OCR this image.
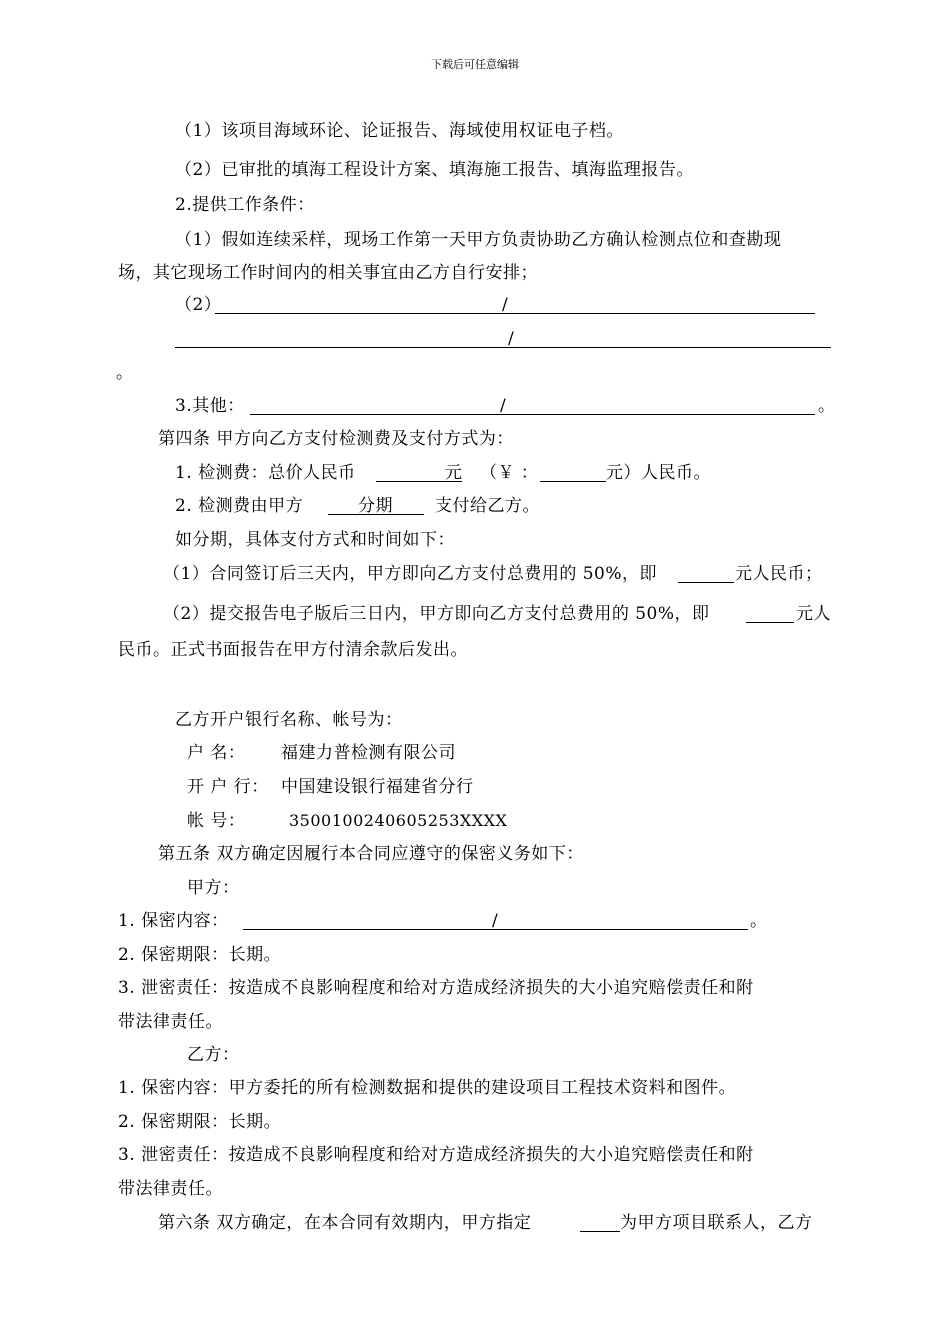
下载后可任意编辑
（1）该项目海域环论、论证报告、海域使用权证电子档。
（2）已审批的填海工程设计方案、填海施工报告、填海监理报告。
2.提供工作条件：
（1）假如连续采样，现场工作第一天甲方负责协助乙方确认检测点位和查勘现
场，其它现场工作时间内的相关事宜由乙方自行安排；
（2）	/
/
。
3.其他：	/	。
第四条 甲方向乙方支付检测费及支付方式为：
1. 检测费：总价人民币	元 （￥ ：	元）人民币。
2. 检测费由甲方	分期 支付给乙方。
如分期，具体支付方式和时间如下：
（1）合同签订后三天内，甲方即向乙方支付总费用的 50%，即	元人民币；
（2）提交报告电子版后三日内，甲方即向乙方支付总费用的 50%，即	元人
民币。正式书面报告在甲方付清余款后发出。
乙方开户银行名称、帐号为：
户 名： 福建力普检测有限公司
开 户 行： 中国建设银行福建省分行
帐 号：	3500100240605253XXXX
第五条 双方确定因履行本合同应遵守的保密义务如下：
甲方：
1. 保密内容：	/	。
2. 保密期限：长期。
3. 泄密责任：按造成不良影响程度和给对方造成经济损失的大小追究赔偿责任和附
带法律责任。
乙方：
1. 保密内容：甲方委托的所有检测数据和提供的建设项目工程技术资料和图件。
2. 保密期限：长期。
3. 泄密责任：按造成不良影响程度和给对方造成经济损失的大小追究赔偿责任和附
带法律责任。
第六条 双方确定，在本合同有效期内，甲方指定	为甲方项目联系人，乙方
